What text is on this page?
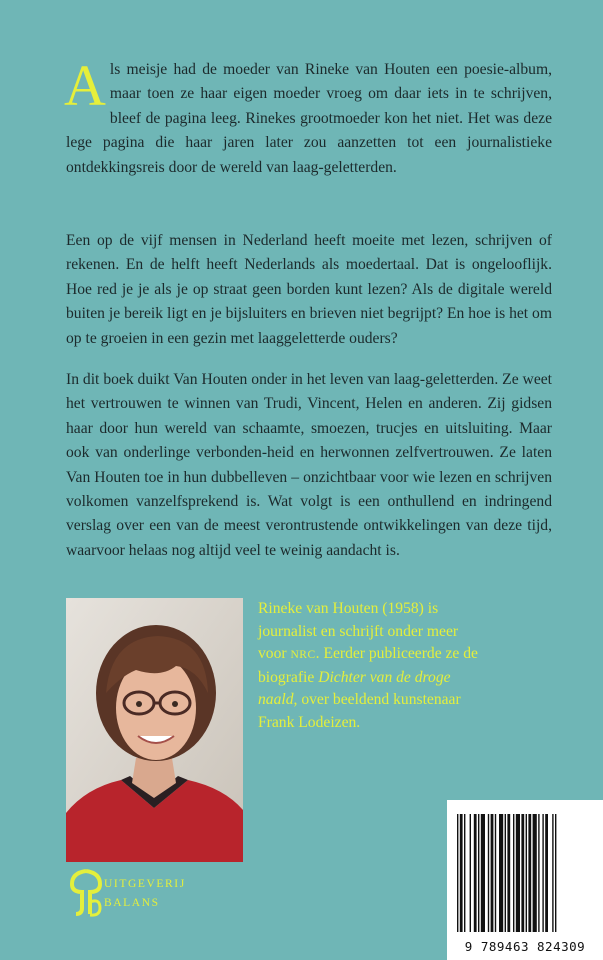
Als meisje had de moeder van Rineke van Houten een poesie-album, maar toen ze haar eigen moeder vroeg om daar iets in te schrijven, bleef de pagina leeg. Rinekes grootmoeder kon het niet. Het was deze lege pagina die haar jaren later zou aanzetten tot een journalistieke ontdekkingsreis door de wereld van laag-geletterden.

Een op de vijf mensen in Nederland heeft moeite met lezen, schrijven of rekenen. En de helft heeft Nederlands als moedertaal. Dat is ongelooflijk. Hoe red je je als je op straat geen borden kunt lezen? Als de digitale wereld buiten je bereik ligt en je bijsluiters en brieven niet begrijpt? En hoe is het om op te groeien in een gezin met laaggeletterde ouders?

In dit boek duikt Van Houten onder in het leven van laag-geletterden. Ze weet het vertrouwen te winnen van Trudi, Vincent, Helen en anderen. Zij gidsen haar door hun wereld van schaamte, smoezen, trucjes en uitsluiting. Maar ook van onderlinge verbonden-heid en herwonnen zelfvertrouwen. Ze laten Van Houten toe in hun dubbelleven – onzichtbaar voor wie lezen en schrijven volkomen vanzelfsprekend is. Wat volgt is een onthullend en indringend verslag over een van de meest verontrustende ontwikkelingen van deze tijd, waarvoor helaas nog altijd veel te weinig aandacht is.

Rineke van Houten (1958) is journalist en schrijft onder meer voor NRC. Eerder publiceerde ze de biografie Dichter van de droge naald, over beeldend kunstenaar Frank Lodeizen.

UITGEVERIJ
BALANS
9 789463 824309
